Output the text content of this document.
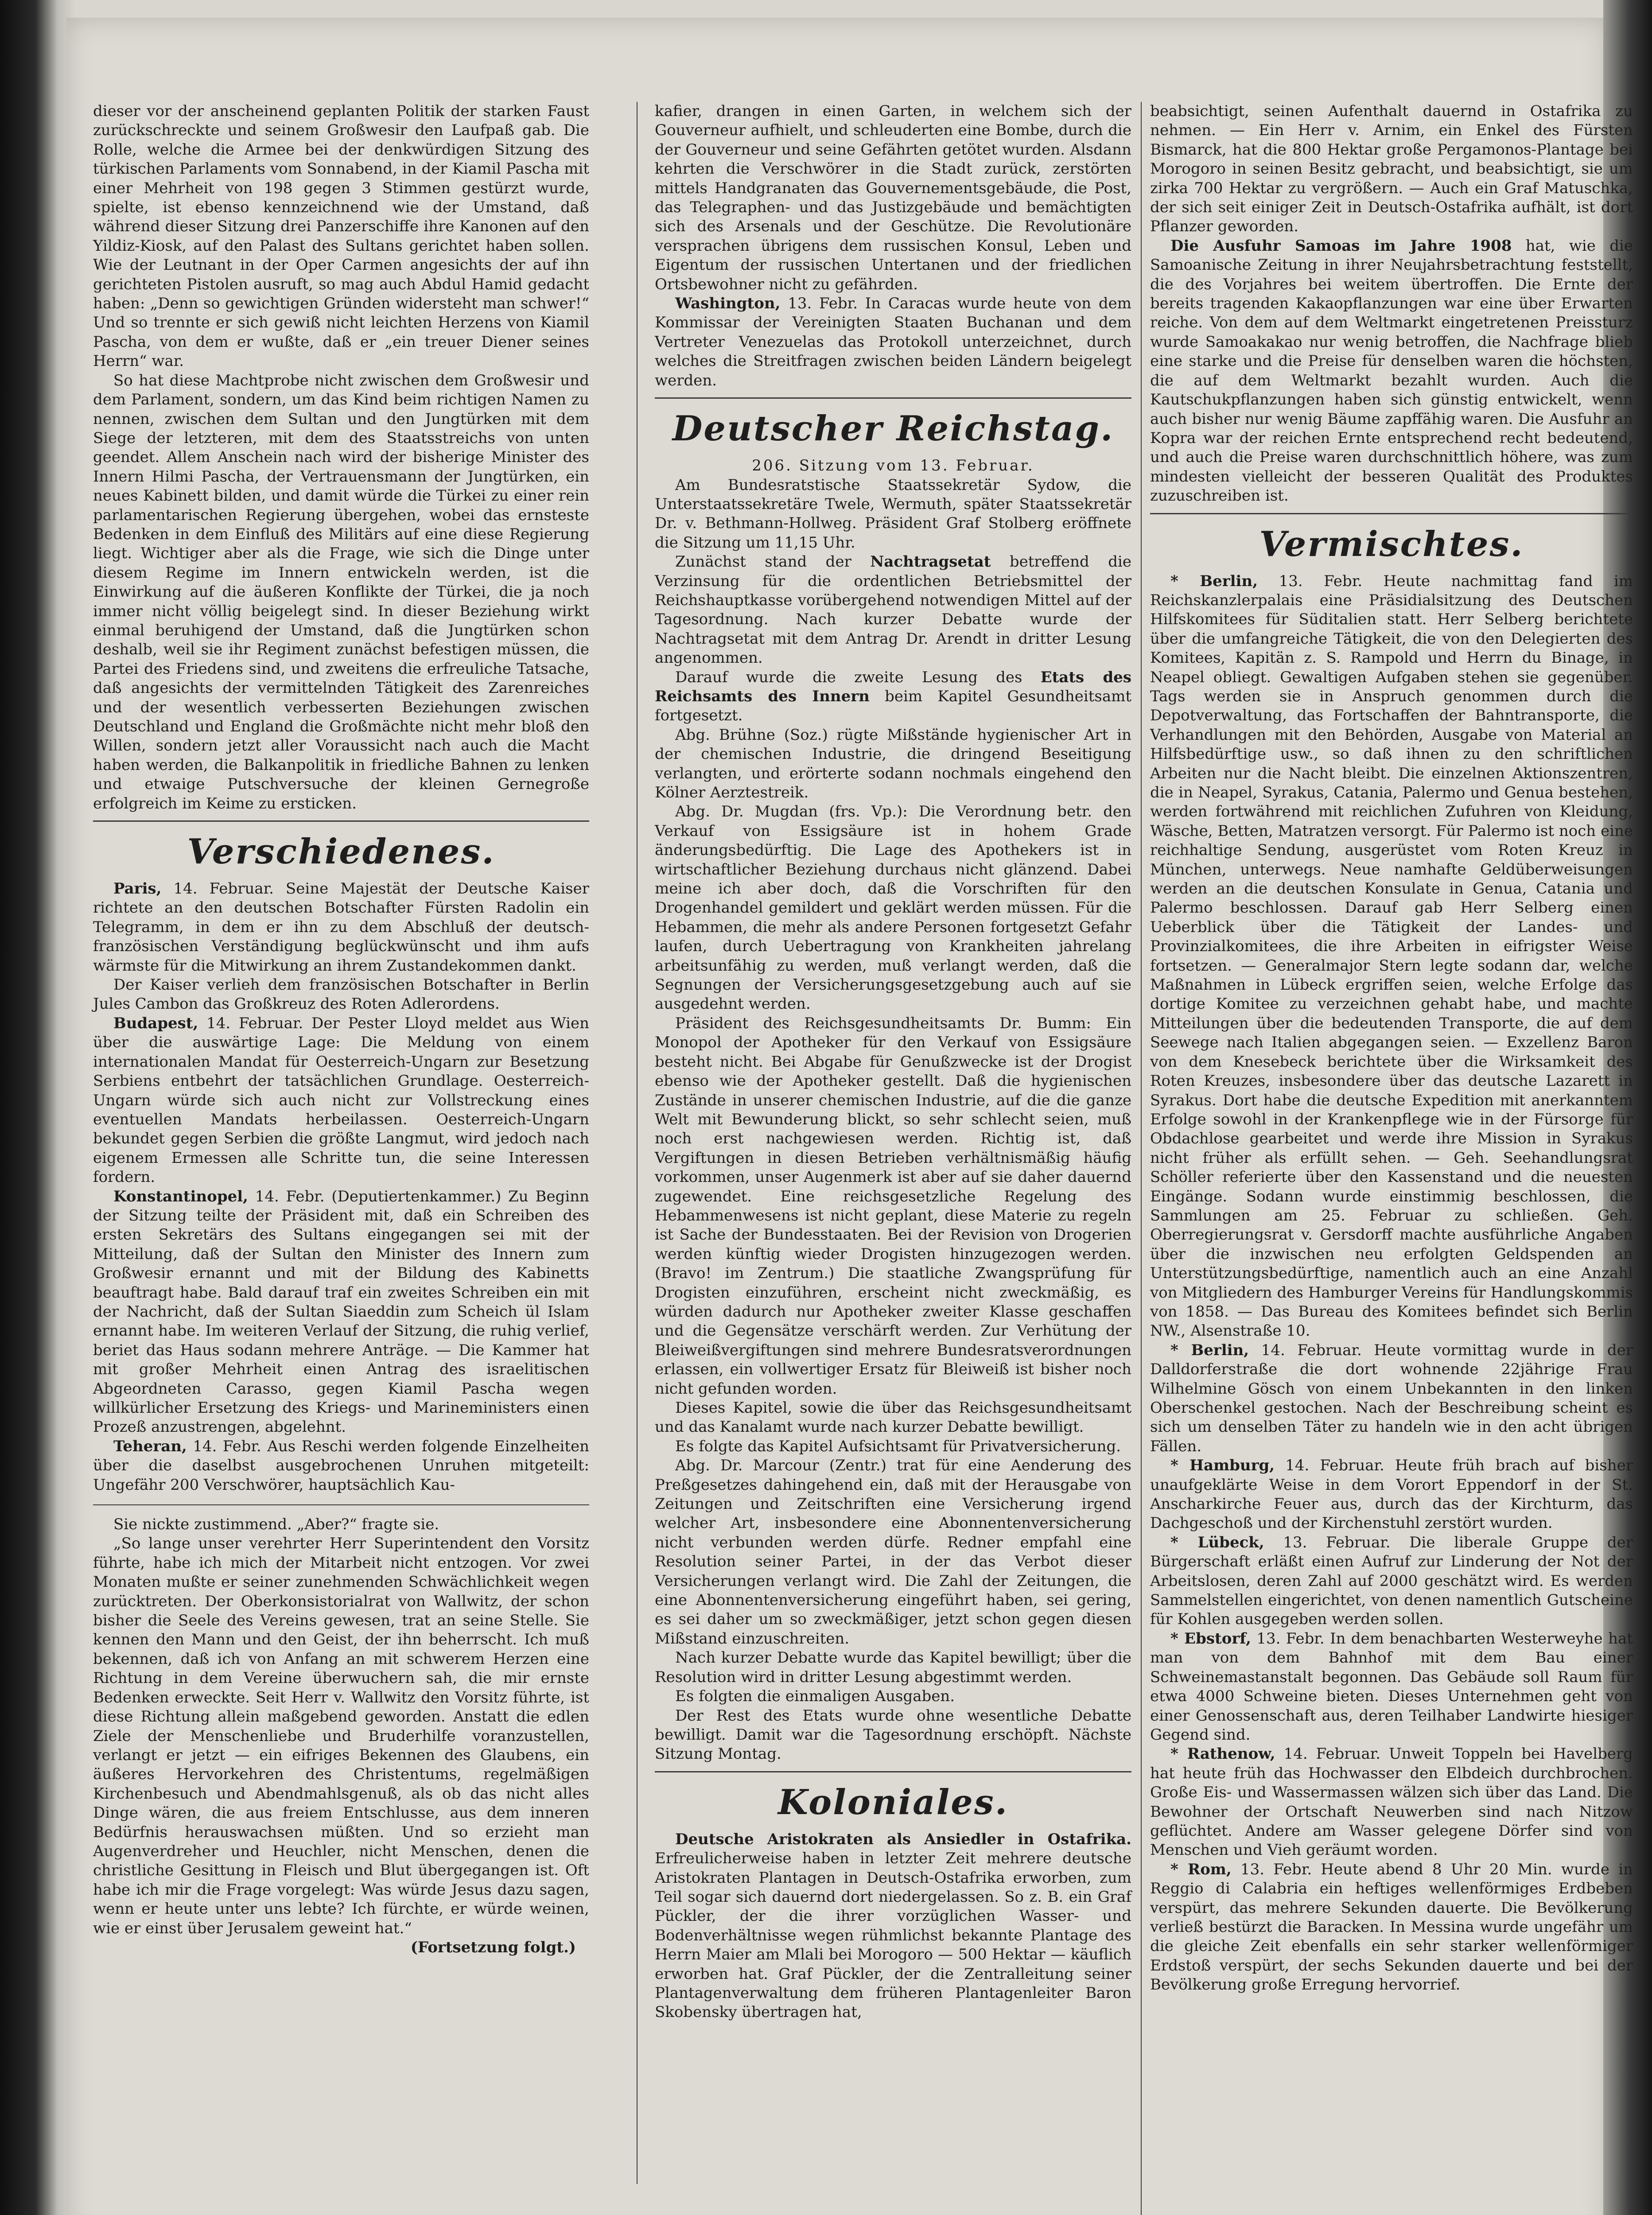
dieser vor der anscheinend geplanten Politik der starken Faust zurückschreckte und seinem Großwesir den Laufpaß gab. Die Rolle, welche die Armee bei der denkwürdigen Sitzung des türkischen Parlaments vom Sonnabend, in der Kiamil Pascha mit einer Mehrheit von 198 gegen 3 Stimmen gestürzt wurde, spielte, ist ebenso kennzeichnend wie der Umstand, daß während dieser Sitzung drei Panzerschiffe ihre Kanonen auf den Yildiz-Kiosk, auf den Palast des Sultans gerichtet haben sollen. Wie der Leutnant in der Oper Carmen angesichts der auf ihn gerichteten Pistolen ausruft, so mag auch Abdul Hamid gedacht haben: „Denn so gewichtigen Gründen widersteht man schwer!“ Und so trennte er sich gewiß nicht leichten Herzens von Kiamil Pascha, von dem er wußte, daß er „ein treuer Diener seines Herrn“ war.

So hat diese Machtprobe nicht zwischen dem Großwesir und dem Parlament, sondern, um das Kind beim richtigen Namen zu nennen, zwischen dem Sultan und den Jungtürken mit dem Siege der letzteren, mit dem des Staatsstreichs von unten geendet. Allem Anschein nach wird der bisherige Minister des Innern Hilmi Pascha, der Vertrauensmann der Jungtürken, ein neues Kabinett bilden, und damit würde die Türkei zu einer rein parlamentarischen Regierung übergehen, wobei das ernsteste Bedenken in dem Einfluß des Militärs auf eine diese Regierung liegt. Wichtiger aber als die Frage, wie sich die Dinge unter diesem Regime im Innern entwickeln werden, ist die Einwirkung auf die äußeren Konflikte der Türkei, die ja noch immer nicht völlig beigelegt sind. In dieser Beziehung wirkt einmal beruhigend der Umstand, daß die Jungtürken schon deshalb, weil sie ihr Regiment zunächst befestigen müssen, die Partei des Friedens sind, und zweitens die erfreuliche Tatsache, daß angesichts der vermittelnden Tätigkeit des Zarenreiches und der wesentlich verbesserten Beziehungen zwischen Deutschland und England die Großmächte nicht mehr bloß den Willen, sondern jetzt aller Voraussicht nach auch die Macht haben werden, die Balkanpolitik in friedliche Bahnen zu lenken und etwaige Putschversuche der kleinen Gernegroße erfolgreich im Keime zu ersticken.

Verschiedenes.

Paris, 14. Februar. Seine Majestät der Deutsche Kaiser richtete an den deutschen Botschafter Fürsten Radolin ein Telegramm, in dem er ihn zu dem Abschluß der deutsch-französischen Verständigung beglückwünscht und ihm aufs wärmste für die Mitwirkung an ihrem Zustandekommen dankt.

Der Kaiser verlieh dem französischen Botschafter in Berlin Jules Cambon das Großkreuz des Roten Adlerordens.

Budapest, 14. Februar. Der Pester Lloyd meldet aus Wien über die auswärtige Lage: Die Meldung von einem internationalen Mandat für Oesterreich-Ungarn zur Besetzung Serbiens entbehrt der tatsächlichen Grundlage. Oesterreich-Ungarn würde sich auch nicht zur Vollstreckung eines eventuellen Mandats herbeilassen. Oesterreich-Ungarn bekundet gegen Serbien die größte Langmut, wird jedoch nach eigenem Ermessen alle Schritte tun, die seine Interessen fordern.

Konstantinopel, 14. Febr. (Deputiertenkammer.) Zu Beginn der Sitzung teilte der Präsident mit, daß ein Schreiben des ersten Sekretärs des Sultans eingegangen sei mit der Mitteilung, daß der Sultan den Minister des Innern zum Großwesir ernannt und mit der Bildung des Kabinetts beauftragt habe. Bald darauf traf ein zweites Schreiben ein mit der Nachricht, daß der Sultan Siaeddin zum Scheich ül Islam ernannt habe. Im weiteren Verlauf der Sitzung, die ruhig verlief, beriet das Haus sodann mehrere Anträge. — Die Kammer hat mit großer Mehrheit einen Antrag des israelitischen Abgeordneten Carasso, gegen Kiamil Pascha wegen willkürlicher Ersetzung des Kriegs- und Marineministers einen Prozeß anzustrengen, abgelehnt.

Teheran, 14. Febr. Aus Reschi werden folgende Einzelheiten über die daselbst ausgebrochenen Unruhen mitgeteilt: Ungefähr 200 Verschwörer, hauptsächlich Kau-

Sie nickte zustimmend. „Aber?“ fragte sie.

„So lange unser verehrter Herr Superintendent den Vorsitz führte, habe ich mich der Mitarbeit nicht entzogen. Vor zwei Monaten mußte er seiner zunehmenden Schwächlichkeit wegen zurücktreten. Der Oberkonsistorialrat von Wallwitz, der schon bisher die Seele des Vereins gewesen, trat an seine Stelle. Sie kennen den Mann und den Geist, der ihn beherrscht. Ich muß bekennen, daß ich von Anfang an mit schwerem Herzen eine Richtung in dem Vereine überwuchern sah, die mir ernste Bedenken erweckte. Seit Herr v. Wallwitz den Vorsitz führte, ist diese Richtung allein maßgebend geworden. Anstatt die edlen Ziele der Menschenliebe und Bruderhilfe voranzustellen, verlangt er jetzt — ein eifriges Bekennen des Glaubens, ein äußeres Hervorkehren des Christentums, regelmäßigen Kirchenbesuch und Abendmahlsgenuß, als ob das nicht alles Dinge wären, die aus freiem Entschlusse, aus dem inneren Bedürfnis herauswachsen müßten. Und so erzieht man Augenverdreher und Heuchler, nicht Menschen, denen die christliche Gesittung in Fleisch und Blut übergegangen ist. Oft habe ich mir die Frage vorgelegt: Was würde Jesus dazu sagen, wenn er heute unter uns lebte? Ich fürchte, er würde weinen, wie er einst über Jerusalem geweint hat.“

(Fortsetzung folgt.)

kafier, drangen in einen Garten, in welchem sich der Gouverneur aufhielt, und schleuderten eine Bombe, durch die der Gouverneur und seine Gefährten getötet wurden. Alsdann kehrten die Verschwörer in die Stadt zurück, zerstörten mittels Handgranaten das Gouvernementsgebäude, die Post, das Telegraphen- und das Justizgebäude und bemächtigten sich des Arsenals und der Geschütze. Die Revolutionäre versprachen übrigens dem russischen Konsul, Leben und Eigentum der russischen Untertanen und der friedlichen Ortsbewohner nicht zu gefährden.

Washington, 13. Febr. In Caracas wurde heute von dem Kommissar der Vereinigten Staaten Buchanan und dem Vertreter Venezuelas das Protokoll unterzeichnet, durch welches die Streitfragen zwischen beiden Ländern beigelegt werden.

Deutscher Reichstag.

206. Sitzung vom 13. Februar.

Am Bundesratstische Staatssekretär Sydow, die Unterstaatssekretäre Twele, Wermuth, später Staatssekretär Dr. v. Bethmann-Hollweg. Präsident Graf Stolberg eröffnete die Sitzung um 11,15 Uhr.

Zunächst stand der Nachtragsetat betreffend die Verzinsung für die ordentlichen Betriebsmittel der Reichshauptkasse vorübergehend notwendigen Mittel auf der Tagesordnung. Nach kurzer Debatte wurde der Nachtragsetat mit dem Antrag Dr. Arendt in dritter Lesung angenommen.

Darauf wurde die zweite Lesung des Etats des Reichsamts des Innern beim Kapitel Gesundheitsamt fortgesetzt.

Abg. Brühne (Soz.) rügte Mißstände hygienischer Art in der chemischen Industrie, die dringend Beseitigung verlangten, und erörterte sodann nochmals eingehend den Kölner Aerztestreik.

Abg. Dr. Mugdan (frs. Vp.): Die Verordnung betr. den Verkauf von Essigsäure ist in hohem Grade änderungsbedürftig. Die Lage des Apothekers ist in wirtschaftlicher Beziehung durchaus nicht glänzend. Dabei meine ich aber doch, daß die Vorschriften für den Drogenhandel gemildert und geklärt werden müssen. Für die Hebammen, die mehr als andere Personen fortgesetzt Gefahr laufen, durch Uebertragung von Krankheiten jahrelang arbeitsunfähig zu werden, muß verlangt werden, daß die Segnungen der Versicherungsgesetzgebung auch auf sie ausgedehnt werden.

Präsident des Reichsgesundheitsamts Dr. Bumm: Ein Monopol der Apotheker für den Verkauf von Essigsäure besteht nicht. Bei Abgabe für Genußzwecke ist der Drogist ebenso wie der Apotheker gestellt. Daß die hygienischen Zustände in unserer chemischen Industrie, auf die die ganze Welt mit Bewunderung blickt, so sehr schlecht seien, muß noch erst nachgewiesen werden. Richtig ist, daß Vergiftungen in diesen Betrieben verhältnismäßig häufig vorkommen, unser Augenmerk ist aber auf sie daher dauernd zugewendet. Eine reichsgesetzliche Regelung des Hebammenwesens ist nicht geplant, diese Materie zu regeln ist Sache der Bundesstaaten. Bei der Revision von Drogerien werden künftig wieder Drogisten hinzugezogen werden. (Bravo! im Zentrum.) Die staatliche Zwangsprüfung für Drogisten einzuführen, erscheint nicht zweckmäßig, es würden dadurch nur Apotheker zweiter Klasse geschaffen und die Gegensätze verschärft werden. Zur Verhütung der Bleiweißvergiftungen sind mehrere Bundesratsverordnungen erlassen, ein vollwertiger Ersatz für Bleiweiß ist bisher noch nicht gefunden worden.

Dieses Kapitel, sowie die über das Reichsgesundheitsamt und das Kanalamt wurde nach kurzer Debatte bewilligt.

Es folgte das Kapitel Aufsichtsamt für Privatversicherung.

Abg. Dr. Marcour (Zentr.) trat für eine Aenderung des Preßgesetzes dahingehend ein, daß mit der Herausgabe von Zeitungen und Zeitschriften eine Versicherung irgend welcher Art, insbesondere eine Abonnentenversicherung nicht verbunden werden dürfe. Redner empfahl eine Resolution seiner Partei, in der das Verbot dieser Versicherungen verlangt wird. Die Zahl der Zeitungen, die eine Abonnentenversicherung eingeführt haben, sei gering, es sei daher um so zweckmäßiger, jetzt schon gegen diesen Mißstand einzuschreiten.

Nach kurzer Debatte wurde das Kapitel bewilligt; über die Resolution wird in dritter Lesung abgestimmt werden.

Es folgten die einmaligen Ausgaben.

Der Rest des Etats wurde ohne wesentliche Debatte bewilligt. Damit war die Tagesordnung erschöpft. Nächste Sitzung Montag.

Koloniales.

Deutsche Aristokraten als Ansiedler in Ostafrika. Erfreulicherweise haben in letzter Zeit mehrere deutsche Aristokraten Plantagen in Deutsch-Ostafrika erworben, zum Teil sogar sich dauernd dort niedergelassen. So z. B. ein Graf Pückler, der die ihrer vorzüglichen Wasser- und Bodenverhältnisse wegen rühmlichst bekannte Plantage des Herrn Maier am Mlali bei Morogoro — 500 Hektar — käuflich erworben hat. Graf Pückler, der die Zentralleitung seiner Plantagenverwaltung dem früheren Plantagenleiter Baron Skobensky übertragen hat,

beabsichtigt, seinen Aufenthalt dauernd in Ostafrika zu nehmen. — Ein Herr v. Arnim, ein Enkel des Fürsten Bismarck, hat die 800 Hektar große Pergamonos-Plantage bei Morogoro in seinen Besitz gebracht, und beabsichtigt, sie um zirka 700 Hektar zu vergrößern. — Auch ein Graf Matuschka, der sich seit einiger Zeit in Deutsch-Ostafrika aufhält, ist dort Pflanzer geworden.

Die Ausfuhr Samoas im Jahre 1908 hat, wie die Samoanische Zeitung in ihrer Neujahrsbetrachtung feststellt, die des Vorjahres bei weitem übertroffen. Die Ernte der bereits tragenden Kakaopflanzungen war eine über Erwarten reiche. Von dem auf dem Weltmarkt eingetretenen Preissturz wurde Samoakakao nur wenig betroffen, die Nachfrage blieb eine starke und die Preise für denselben waren die höchsten, die auf dem Weltmarkt bezahlt wurden. Auch die Kautschukpflanzungen haben sich günstig entwickelt, wenn auch bisher nur wenig Bäume zapffähig waren. Die Ausfuhr an Kopra war der reichen Ernte entsprechend recht bedeutend, und auch die Preise waren durchschnittlich höhere, was zum mindesten vielleicht der besseren Qualität des Produktes zuzuschreiben ist.

Vermischtes.

* Berlin, 13. Febr. Heute nachmittag fand im Reichskanzlerpalais eine Präsidialsitzung des Deutschen Hilfskomitees für Süditalien statt. Herr Selberg berichtete über die umfangreiche Tätigkeit, die von den Delegierten des Komitees, Kapitän z. S. Rampold und Herrn du Binage, in Neapel obliegt. Gewaltigen Aufgaben stehen sie gegenüber. Tags werden sie in Anspruch genommen durch die Depotverwaltung, das Fortschaffen der Bahntransporte, die Verhandlungen mit den Behörden, Ausgabe von Material an Hilfsbedürftige usw., so daß ihnen zu den schriftlichen Arbeiten nur die Nacht bleibt. Die einzelnen Aktionszentren, die in Neapel, Syrakus, Catania, Palermo und Genua bestehen, werden fortwährend mit reichlichen Zufuhren von Kleidung, Wäsche, Betten, Matratzen versorgt. Für Palermo ist noch eine reichhaltige Sendung, ausgerüstet vom Roten Kreuz in München, unterwegs. Neue namhafte Geldüberweisungen werden an die deutschen Konsulate in Genua, Catania und Palermo beschlossen. Darauf gab Herr Selberg einen Ueberblick über die Tätigkeit der Landes- und Provinzialkomitees, die ihre Arbeiten in eifrigster Weise fortsetzen. — Generalmajor Stern legte sodann dar, welche Maßnahmen in Lübeck ergriffen seien, welche Erfolge das dortige Komitee zu verzeichnen gehabt habe, und machte Mitteilungen über die bedeutenden Transporte, die auf dem Seewege nach Italien abgegangen seien. — Exzellenz Baron von dem Knesebeck berichtete über die Wirksamkeit des Roten Kreuzes, insbesondere über das deutsche Lazarett in Syrakus. Dort habe die deutsche Expedition mit anerkanntem Erfolge sowohl in der Krankenpflege wie in der Fürsorge für Obdachlose gearbeitet und werde ihre Mission in Syrakus nicht früher als erfüllt sehen. — Geh. Seehandlungsrat Schöller referierte über den Kassenstand und die neuesten Eingänge. Sodann wurde einstimmig beschlossen, die Sammlungen am 25. Februar zu schließen. Geh. Oberregierungsrat v. Gersdorff machte ausführliche Angaben über die inzwischen neu erfolgten Geldspenden an Unterstützungsbedürftige, namentlich auch an eine Anzahl von Mitgliedern des Hamburger Vereins für Handlungskommis von 1858. — Das Bureau des Komitees befindet sich Berlin NW., Alsenstraße 10.

* Berlin, 14. Februar. Heute vormittag wurde in der Dalldorferstraße die dort wohnende 22jährige Frau Wilhelmine Gösch von einem Unbekannten in den linken Oberschenkel gestochen. Nach der Beschreibung scheint es sich um denselben Täter zu handeln wie in den acht übrigen Fällen.

* Hamburg, 14. Februar. Heute früh brach auf bisher unaufgeklärte Weise in dem Vorort Eppendorf in der St. Anscharkirche Feuer aus, durch das der Kirchturm, das Dachgeschoß und der Kirchenstuhl zerstört wurden.

* Lübeck, 13. Februar. Die liberale Gruppe der Bürgerschaft erläßt einen Aufruf zur Linderung der Not der Arbeitslosen, deren Zahl auf 2000 geschätzt wird. Es werden Sammelstellen eingerichtet, von denen namentlich Gutscheine für Kohlen ausgegeben werden sollen.

* Ebstorf, 13. Febr. In dem benachbarten Westerweyhe hat man von dem Bahnhof mit dem Bau einer Schweinemastanstalt begonnen. Das Gebäude soll Raum für etwa 4000 Schweine bieten. Dieses Unternehmen geht von einer Genossenschaft aus, deren Teilhaber Landwirte hiesiger Gegend sind.

* Rathenow, 14. Februar. Unweit Toppeln bei Havelberg hat heute früh das Hochwasser den Elbdeich durchbrochen. Große Eis- und Wassermassen wälzen sich über das Land. Die Bewohner der Ortschaft Neuwerben sind nach Nitzow geflüchtet. Andere am Wasser gelegene Dörfer sind von Menschen und Vieh geräumt worden.

* Rom, 13. Febr. Heute abend 8 Uhr 20 Min. wurde in Reggio di Calabria ein heftiges wellenförmiges Erdbeben verspürt, das mehrere Sekunden dauerte. Die Bevölkerung verließ bestürzt die Baracken. In Messina wurde ungefähr um die gleiche Zeit ebenfalls ein sehr starker wellenförmiger Erdstoß verspürt, der sechs Sekunden dauerte und bei der Bevölkerung große Erregung hervorrief.
